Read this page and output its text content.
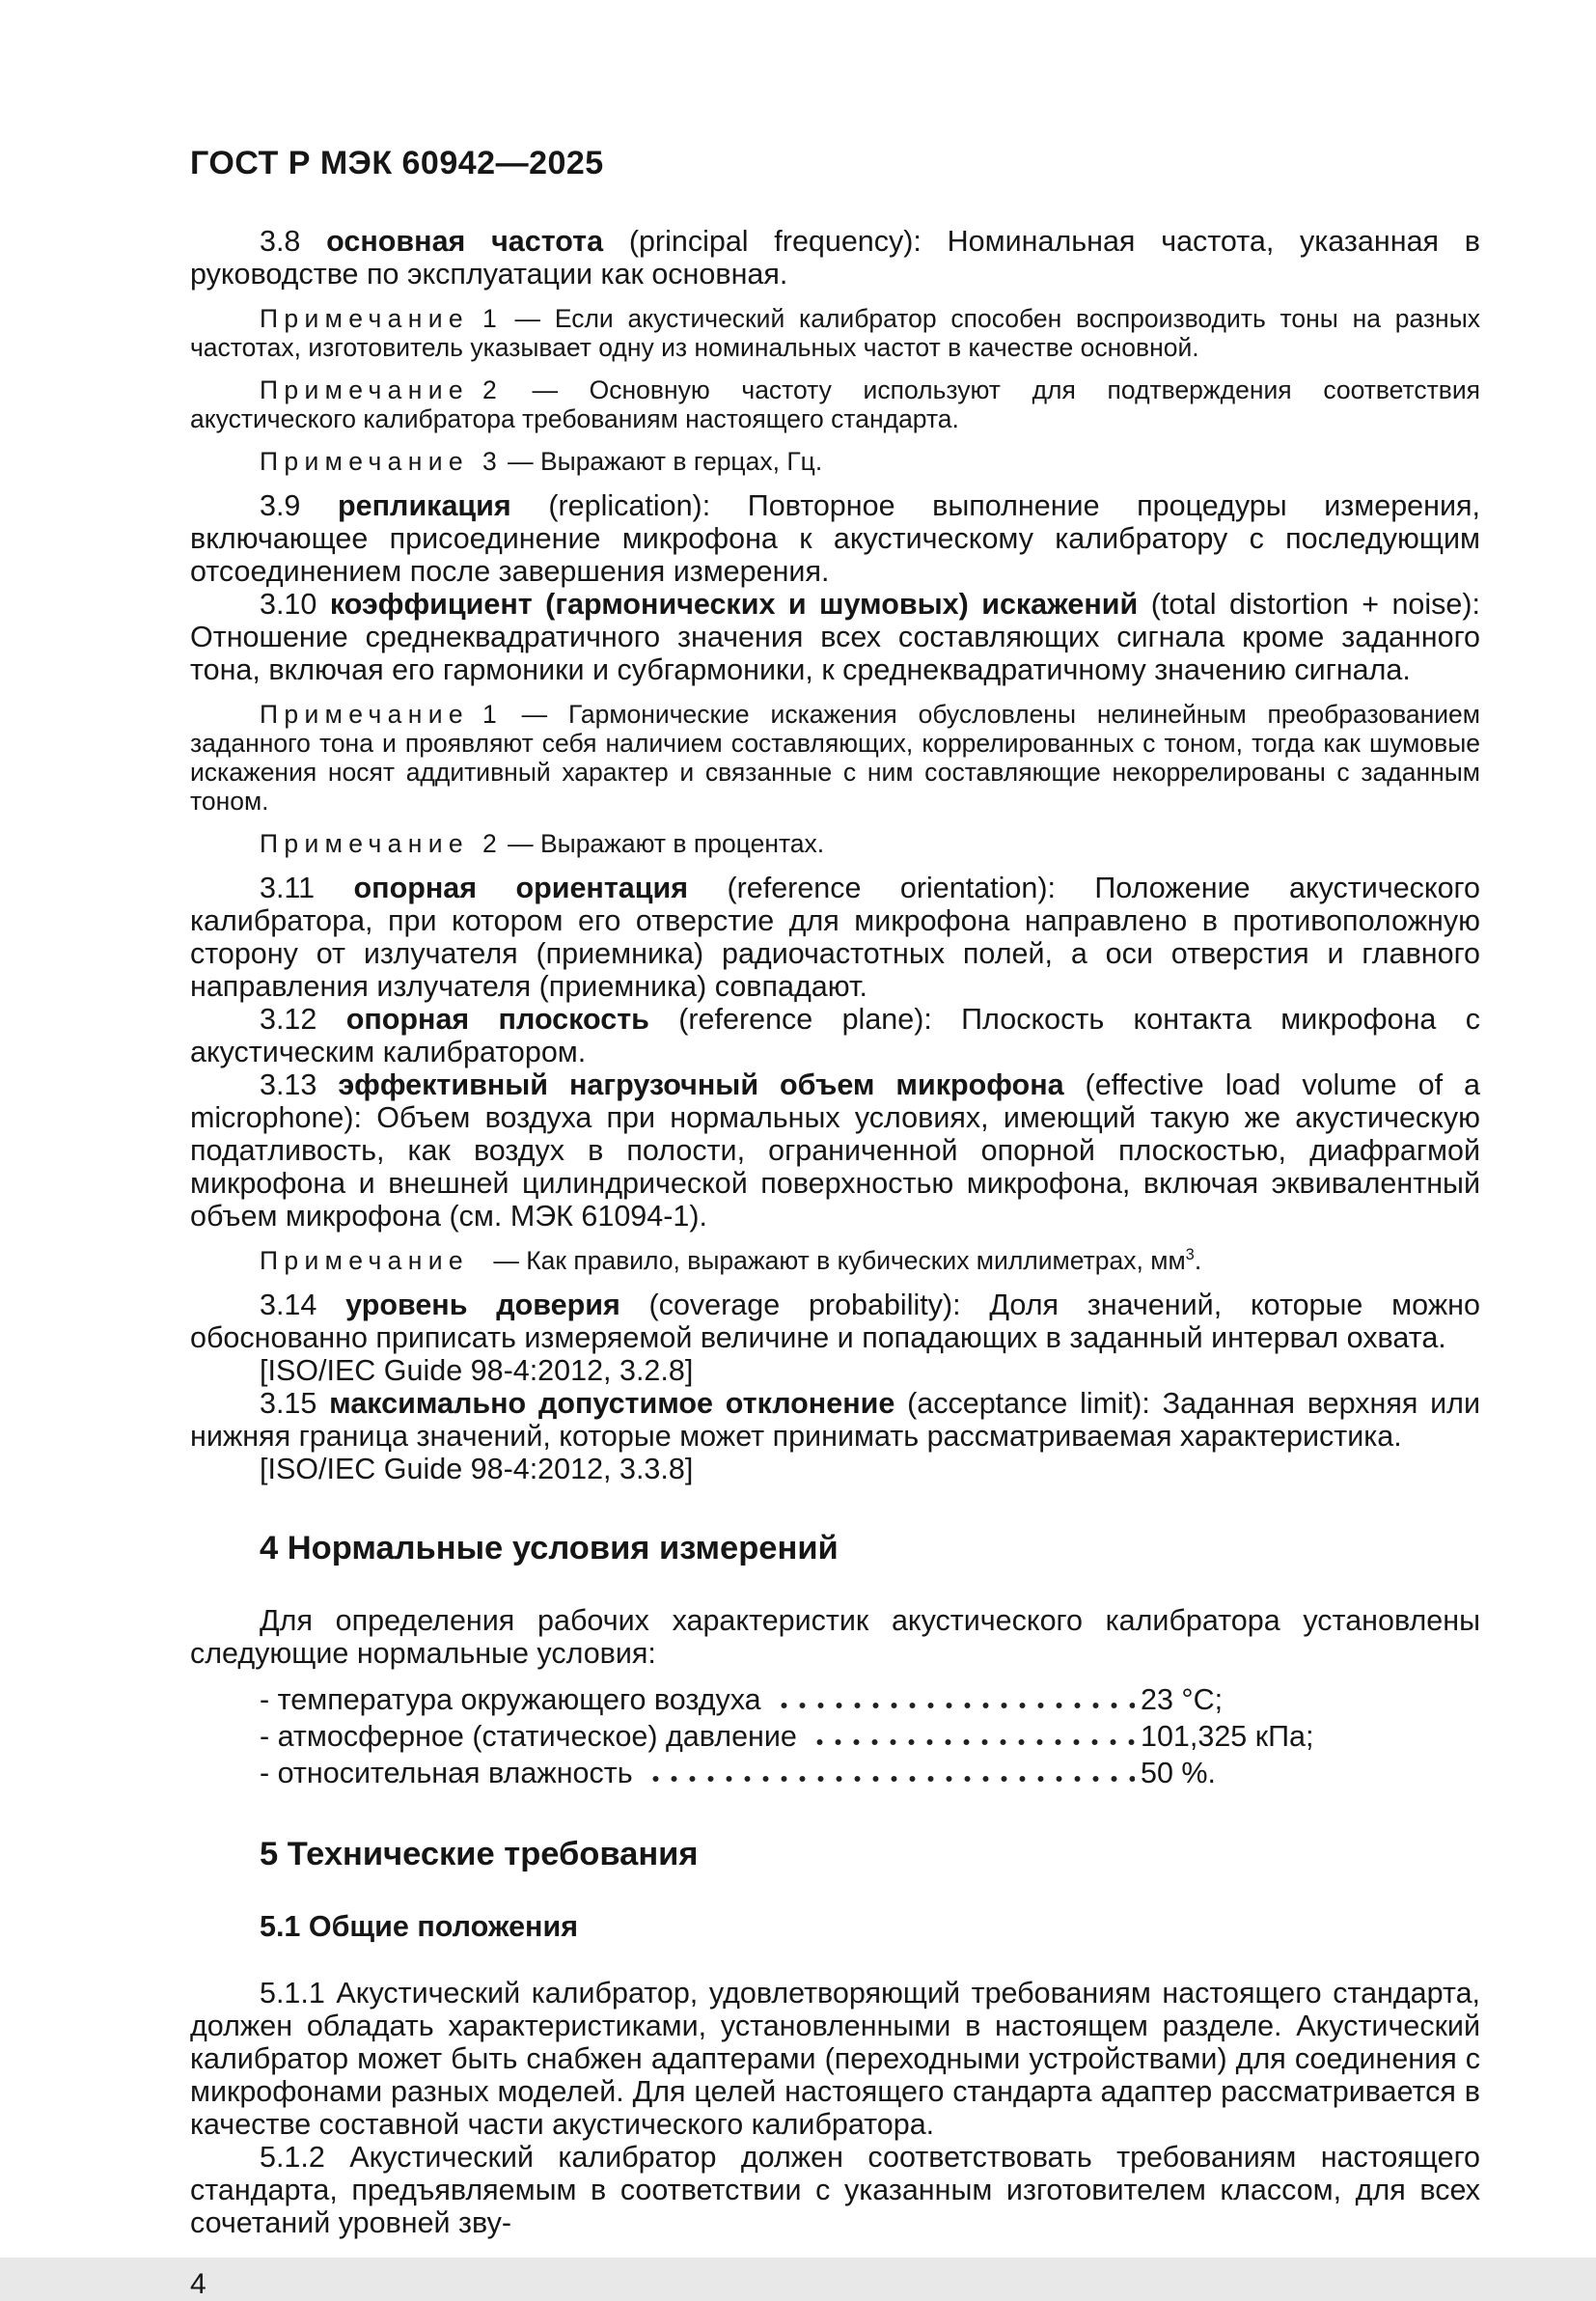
ГОСТ Р МЭК 60942—2025

3.8 основная частота (principal frequency): Номинальная частота, указанная в руководстве по эксплуатации как основная.

Примечание 1 — Если акустический калибратор способен воспроизводить тоны на разных частотах, изготовитель указывает одну из номинальных частот в качестве основной.

Примечание 2 — Основную частоту используют для подтверждения соответствия акустического калибратора требованиям настоящего стандарта.

Примечание 3 — Выражают в герцах, Гц.

3.9 репликация (replication): Повторное выполнение процедуры измерения, включающее присоединение микрофона к акустическому калибратору с последующим отсоединением после завершения измерения.

3.10 коэффициент (гармонических и шумовых) искажений (total distortion + noise): Отношение среднеквадратичного значения всех составляющих сигнала кроме заданного тона, включая его гармоники и субгармоники, к среднеквадратичному значению сигнала.

Примечание 1 — Гармонические искажения обусловлены нелинейным преобразованием заданного тона и проявляют себя наличием составляющих, коррелированных с тоном, тогда как шумовые искажения носят аддитивный характер и связанные с ним составляющие некоррелированы с заданным тоном.

Примечание 2 — Выражают в процентах.

3.11 опорная ориентация (reference orientation): Положение акустического калибратора, при котором его отверстие для микрофона направлено в противоположную сторону от излучателя (приемника) радиочастотных полей, а оси отверстия и главного направления излучателя (приемника) совпадают.

3.12 опорная плоскость (reference plane): Плоскость контакта микрофона с акустическим калибратором.

3.13 эффективный нагрузочный объем микрофона (effective load volume of a microphone): Объем воздуха при нормальных условиях, имеющий такую же акустическую податливость, как воздух в полости, ограниченной опорной плоскостью, диафрагмой микрофона и внешней цилиндрической поверхностью микрофона, включая эквивалентный объем микрофона (см. МЭК 61094-1).

Примечание — Как правило, выражают в кубических миллиметрах, $мм^3$.

3.14 уровень доверия (coverage probability): Доля значений, которые можно обоснованно приписать измеряемой величине и попадающих в заданный интервал охвата.

[ISO/IEC Guide 98-4:2012, 3.2.8]

3.15 максимально допустимое отклонение (acceptance limit): Заданная верхняя или нижняя граница значений, которые может принимать рассматриваемая характеристика.

[ISO/IEC Guide 98-4:2012, 3.3.8]

4 Нормальные условия измерений

Для определения рабочих характеристик акустического калибратора установлены следующие нормальные условия:

- температура окружающего воздуха	23 °C;
- атмосферное (статическое) давление	101,325 кПа;
- относительная влажность	50 %.
5 Технические требования
5.1 Общие положения

5.1.1 Акустический калибратор, удовлетворяющий требованиям настоящего стандарта, должен обладать характеристиками, установленными в настоящем разделе. Акустический калибратор может быть снабжен адаптерами (переходными устройствами) для соединения с микрофонами разных моделей. Для целей настоящего стандарта адаптер рассматривается в качестве составной части акустического калибратора.

5.1.2 Акустический калибратор должен соответствовать требованиям настоящего стандарта, предъявляемым в соответствии с указанным изготовителем классом, для всех сочетаний уровней зву-

4
